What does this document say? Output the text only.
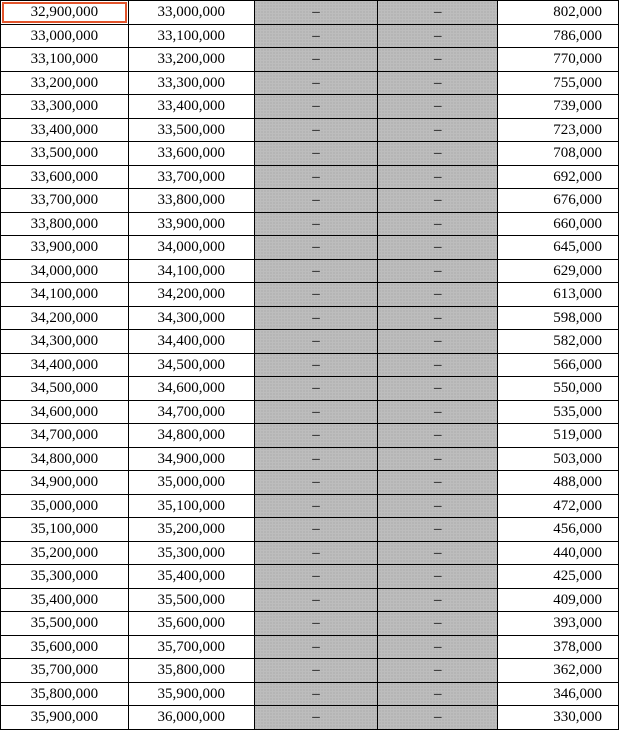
32,900,000	33,000,000	–	–	802,000
33,000,000	33,100,000	–	–	786,000
33,100,000	33,200,000	–	–	770,000
33,200,000	33,300,000	–	–	755,000
33,300,000	33,400,000	–	–	739,000
33,400,000	33,500,000	–	–	723,000
33,500,000	33,600,000	–	–	708,000
33,600,000	33,700,000	–	–	692,000
33,700,000	33,800,000	–	–	676,000
33,800,000	33,900,000	–	–	660,000
33,900,000	34,000,000	–	–	645,000
34,000,000	34,100,000	–	–	629,000
34,100,000	34,200,000	–	–	613,000
34,200,000	34,300,000	–	–	598,000
34,300,000	34,400,000	–	–	582,000
34,400,000	34,500,000	–	–	566,000
34,500,000	34,600,000	–	–	550,000
34,600,000	34,700,000	–	–	535,000
34,700,000	34,800,000	–	–	519,000
34,800,000	34,900,000	–	–	503,000
34,900,000	35,000,000	–	–	488,000
35,000,000	35,100,000	–	–	472,000
35,100,000	35,200,000	–	–	456,000
35,200,000	35,300,000	–	–	440,000
35,300,000	35,400,000	–	–	425,000
35,400,000	35,500,000	–	–	409,000
35,500,000	35,600,000	–	–	393,000
35,600,000	35,700,000	–	–	378,000
35,700,000	35,800,000	–	–	362,000
35,800,000	35,900,000	–	–	346,000
35,900,000	36,000,000	–	–	330,000
